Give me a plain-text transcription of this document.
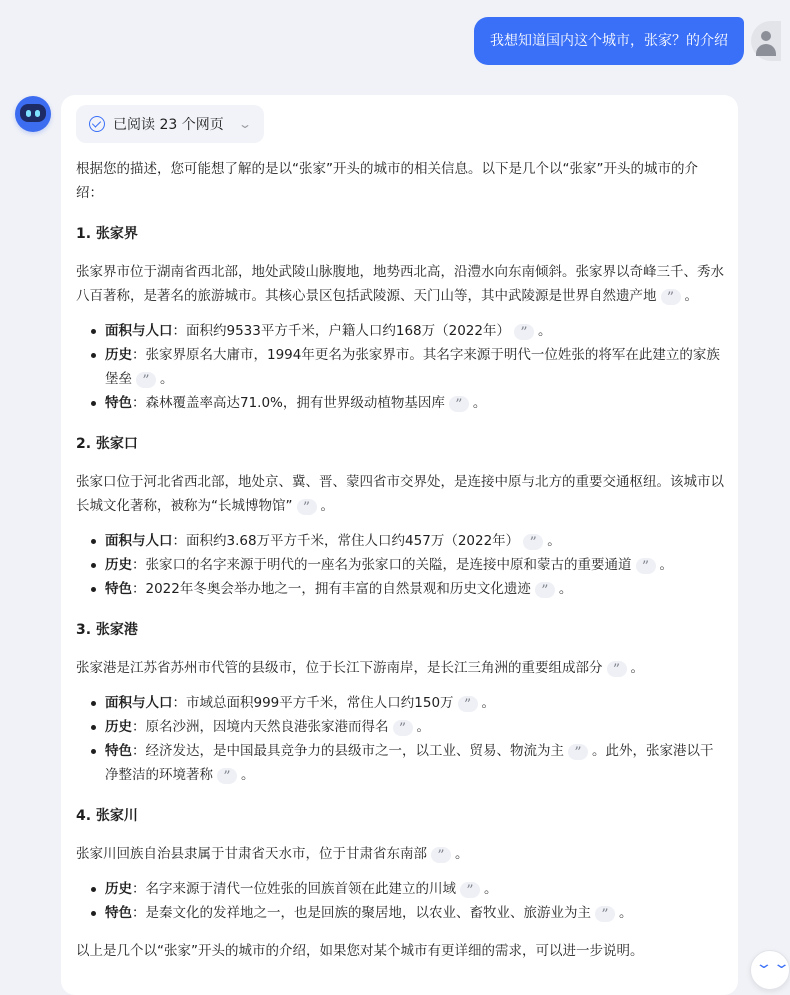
我想知道国内这个城市，张家？的介绍
已阅读 23 个网页 ⌄

根据您的描述，您可能想了解的是以“张家”开头的城市的相关信息。以下是几个以“张家”开头的城市的介绍：

1. 张家界

张家界市位于湖南省西北部，地处武陵山脉腹地，地势西北高，沿澧水向东南倾斜。张家界以奇峰三千、秀水八百著称，是著名的旅游城市。其核心景区包括武陵源、天门山等，其中武陵源是世界自然遗产地 ” 。

面积与人口：面积约9533平方千米，户籍人口约168万（2022年） ” 。
历史：张家界原名大庸市，1994年更名为张家界市。其名字来源于明代一位姓张的将军在此建立的家族堡垒 ” 。
特色：森林覆盖率高达71.0%，拥有世界级动植物基因库 ” 。

2. 张家口

张家口位于河北省西北部，地处京、冀、晋、蒙四省市交界处，是连接中原与北方的重要交通枢纽。该城市以长城文化著称，被称为“长城博物馆” ” 。

面积与人口：面积约3.68万平方千米，常住人口约457万（2022年） ” 。
历史：张家口的名字来源于明代的一座名为张家口的关隘，是连接中原和蒙古的重要通道 ” 。
特色：2022年冬奥会举办地之一，拥有丰富的自然景观和历史文化遗迹 ” 。

3. 张家港

张家港是江苏省苏州市代管的县级市，位于长江下游南岸，是长江三角洲的重要组成部分 ” 。

面积与人口：市域总面积999平方千米，常住人口约150万 ” 。
历史：原名沙洲，因境内天然良港张家港而得名 ” 。
特色：经济发达，是中国最具竞争力的县级市之一，以工业、贸易、物流为主 ” 。此外，张家港以干净整洁的环境著称 ” 。

4. 张家川

张家川回族自治县隶属于甘肃省天水市，位于甘肃省东南部 ” 。

历史：名字来源于清代一位姓张的回族首领在此建立的川域 ” 。
特色：是秦文化的发祥地之一，也是回族的聚居地，以农业、畜牧业、旅游业为主 ” 。

以上是几个以“张家”开头的城市的介绍，如果您对某个城市有更详细的需求，可以进一步说明。

⌄⌄
